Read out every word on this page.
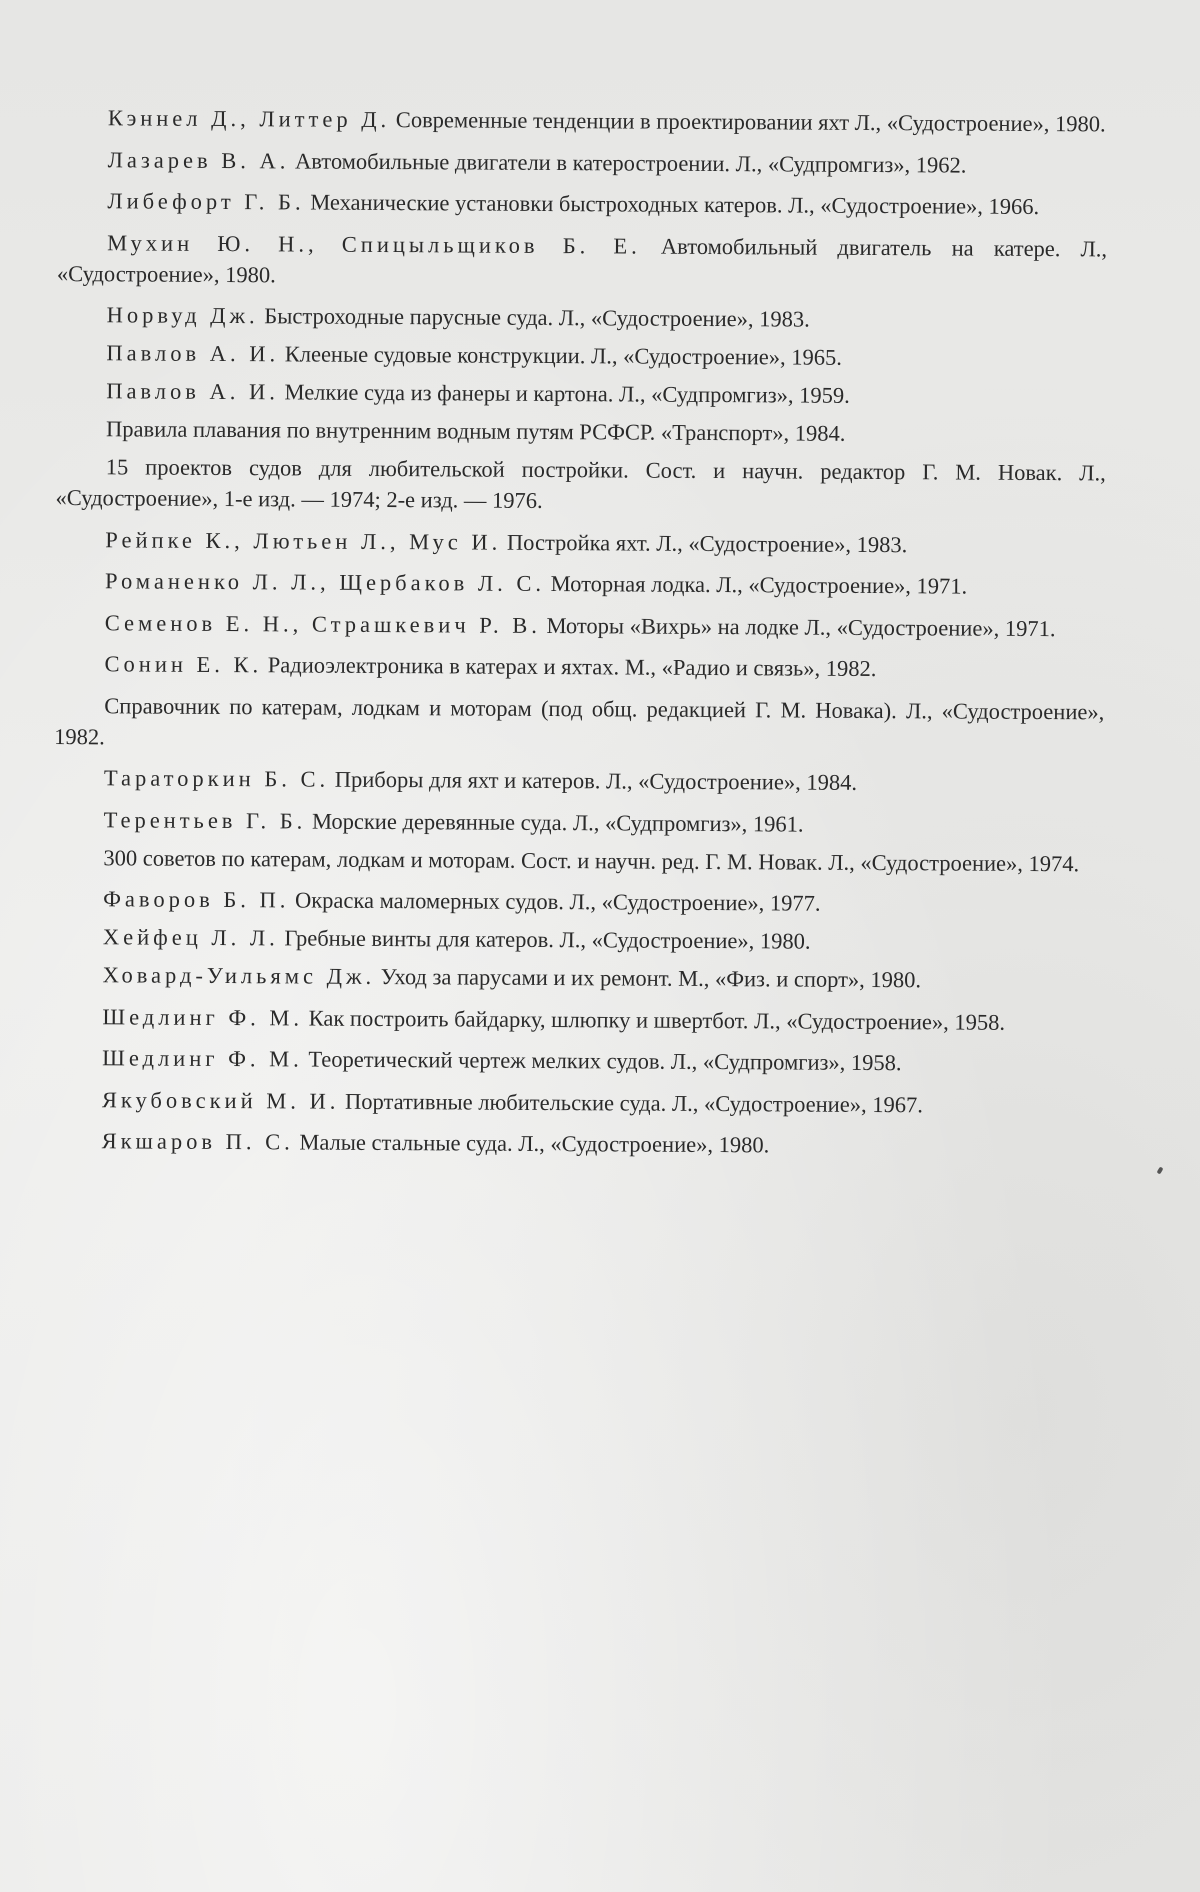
Кэннел Д., Литтер Д. Современные тенденции в проектировании яхт Л., «Судостроение», 1980.

Лазарев В. А. Автомобильные двигатели в катеростроении. Л., «Судпромгиз», 1962.

Либефорт Г. Б. Механические установки быстроходных катеров. Л., «Судостроение», 1966.

Мухин Ю. Н., Спицыльщиков Б. Е. Автомобильный двигатель на катере. Л., «Судостроение», 1980.

Норвуд Дж. Быстроходные парусные суда. Л., «Судостроение», 1983.

Павлов А. И. Клееные судовые конструкции. Л., «Судостроение», 1965.

Павлов А. И. Мелкие суда из фанеры и картона. Л., «Судпромгиз», 1959.

Правила плавания по внутренним водным путям РСФСР. «Транспорт», 1984.

15 проектов судов для любительской постройки. Сост. и научн. редактор Г. М. Новак. Л., «Судостроение», 1-е изд. — 1974; 2-е изд. — 1976.

Рейпке К., Лютьен Л., Мус И. Постройка яхт. Л., «Судостроение», 1983.

Романенко Л. Л., Щербаков Л. С. Моторная лодка. Л., «Судостроение», 1971.

Семенов Е. Н., Страшкевич Р. В. Моторы «Вихрь» на лодке Л., «Судостроение», 1971.

Сонин Е. К. Радиоэлектроника в катерах и яхтах. М., «Радио и связь», 1982.

Справочник по катерам, лодкам и моторам (под общ. редакцией Г. М. Новака). Л., «Судостроение», 1982.

Тараторкин Б. С. Приборы для яхт и катеров. Л., «Судостроение», 1984.

Терентьев Г. Б. Морские деревянные суда. Л., «Судпромгиз», 1961.

300 советов по катерам, лодкам и моторам. Сост. и научн. ред. Г. М. Новак. Л., «Судостроение», 1974.

Фаворов Б. П. Окраска маломерных судов. Л., «Судостроение», 1977.

Хейфец Л. Л. Гребные винты для катеров. Л., «Судостроение», 1980.

Ховард-Уильямс Дж. Уход за парусами и их ремонт. М., «Физ. и спорт», 1980.

Шедлинг Ф. М. Как построить байдарку, шлюпку и швертбот. Л., «Судостроение», 1958.

Шедлинг Ф. М. Теоретический чертеж мелких судов. Л., «Судпромгиз», 1958.

Якубовский М. И. Портативные любительские суда. Л., «Судостроение», 1967.

Якшаров П. С. Малые стальные суда. Л., «Судостроение», 1980.
